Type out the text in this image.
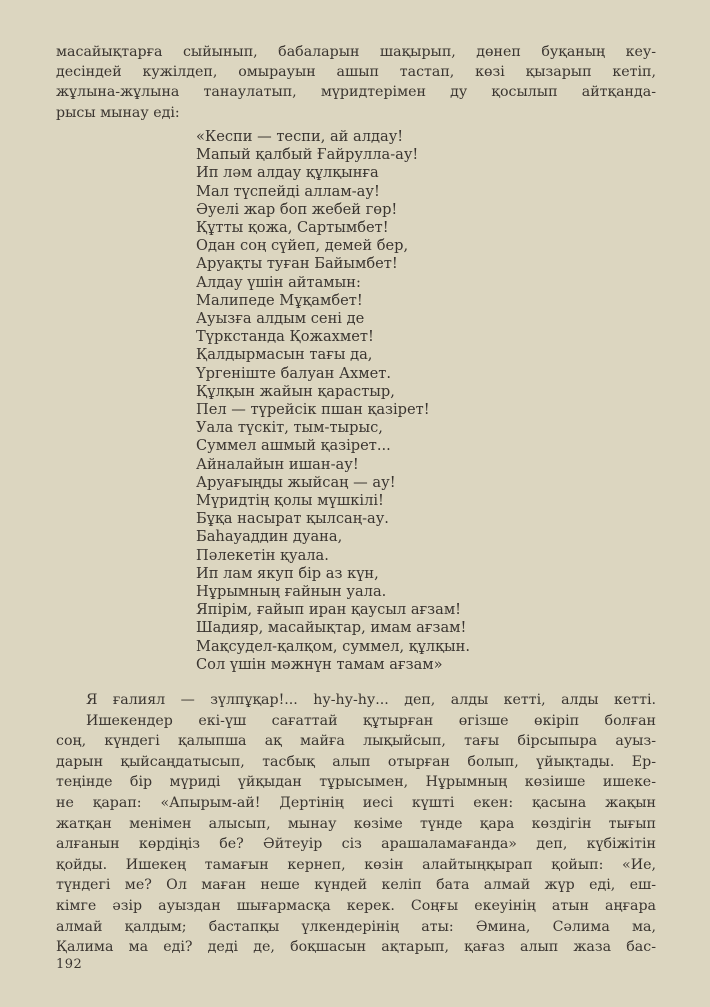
масайықтарға сыйынып, бабаларын шақырып, дөнеп буқаның кеу-
десіндей кужілдеп, омырауын ашып тастап, көзі қызарып кетіп,
жұлына-жұлына танаулатып, мүридтерімен ду қосылып айтқанда-
рысы мынау еді:
«Кеспи — теспи, ай алдау!
Мапый қалбый Ғайрулла-ау!
Ип ләм алдау құлқынға
Мал түспейді аллам-ау!
Әуелі жар боп жебей гөр!
Құтты қожа, Сартымбет!
Одан соң сүйеп, демей бер,
Аруақты туған Байымбет!
Алдау үшін айтамын:
Малипеде Мұқамбет!
Ауызға алдым сені де
Түркстанда Қожахмет!
Қалдырмасын тағы да,
Үргеніште балуан Ахмет.
Құлқын жайын қарастыр,
Пел — түрейсік пшан қазірет!
Уала түскіт, тым-тырыс,
Суммел ашмый қазірет...
Айналайын ишан-ау!
Аруағыңды жыйсаң — ау!
Мүридтің қолы мүшкілі!
Бұқа насырат қылсаң-ау.
Баһауаддин дуана,
Пәлекетін қуала.
Ип лам якуп бір аз күн,
Нұрымның ғайнын уала.
Япірім, ғайып иран қаусыл ағзам!
Шадияр, масайықтар, имам ағзам!
Мақсудел-қалқом, суммел, құлқын.
Сол үшін мәжнүн тамам ағзам»
Я ғалиял — зүлпұқар!... һу-һу-һу... деп, алды кетті, алды кетті.
Ишекендер екі-үш сағаттай құтырған өгізше өкіріп болған
соң, күндегі қалыпша ақ майға лықыйсып, тағы бірсыпыра ауыз-
дарын қыйсаңдатысып, тасбық алып отырған болып, үйықтады. Ер-
теңінде бір мүриді үйқыдан тұрысымен, Нұрымның көзіише ишеке-
не қарап: «Апырым-ай! Дертінің иесі күшті екен: қасына жақын
жатқан менімен алысып, мынау көзіме түнде қара көздігін тығып
алғанын көрдіңіз бе? Әйтеуір сіз арашаламағанда» деп, күбіжітін
қойды. Ишекең тамағын кернеп, көзін алайтыңқырап қойып: «Ие,
түндегі ме? Ол маған неше күндей келіп бата алмай жүр еді, еш-
кімге әзір ауыздан шығармасқа керек. Соңғы екеуінің атын аңғара
алмай қалдым; бастапқы үлкендерінің аты: Әмина, Сәлима ма,
Қалима ма еді? деді де, боқшасын ақтарып, қағаз алып жаза бас-
192
